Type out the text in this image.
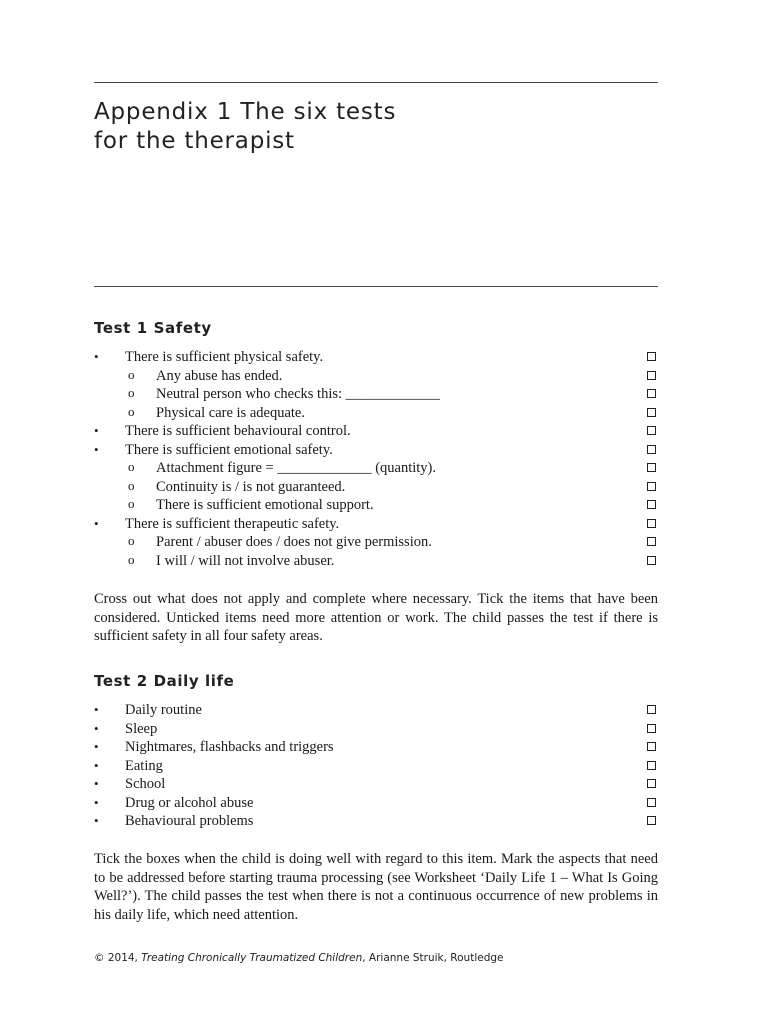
Appendix 1 The six tests
for the therapist
Test 1 Safety
• There is sufficient physical safety.
o Any abuse has ended.
o Neutral person who checks this: _____________
o Physical care is adequate.
• There is sufficient behavioural control.
• There is sufficient emotional safety.
o Attachment figure = _____________ (quantity).
o Continuity is / is not guaranteed.
o There is sufficient emotional support.
• There is sufficient therapeutic safety.
o Parent / abuser does / does not give permission.
o I will / will not involve abuser.

Cross out what does not apply and complete where necessary. Tick the items that have been considered. Unticked items need more attention or work. The child passes the test if there is sufficient safety in all four safety areas.

Test 2 Daily life
• Daily routine
• Sleep
• Nightmares, flashbacks and triggers
• Eating
• School
• Drug or alcohol abuse
• Behavioural problems

Tick the boxes when the child is doing well with regard to this item. Mark the aspects that need to be addressed before starting trauma processing (see Worksheet ‘Daily Life 1 – What Is Going Well?’). The child passes the test when there is not a continuous occurrence of new problems in his daily life, which need attention.

© 2014, Treating Chronically Traumatized Children, Arianne Struik, Routledge
